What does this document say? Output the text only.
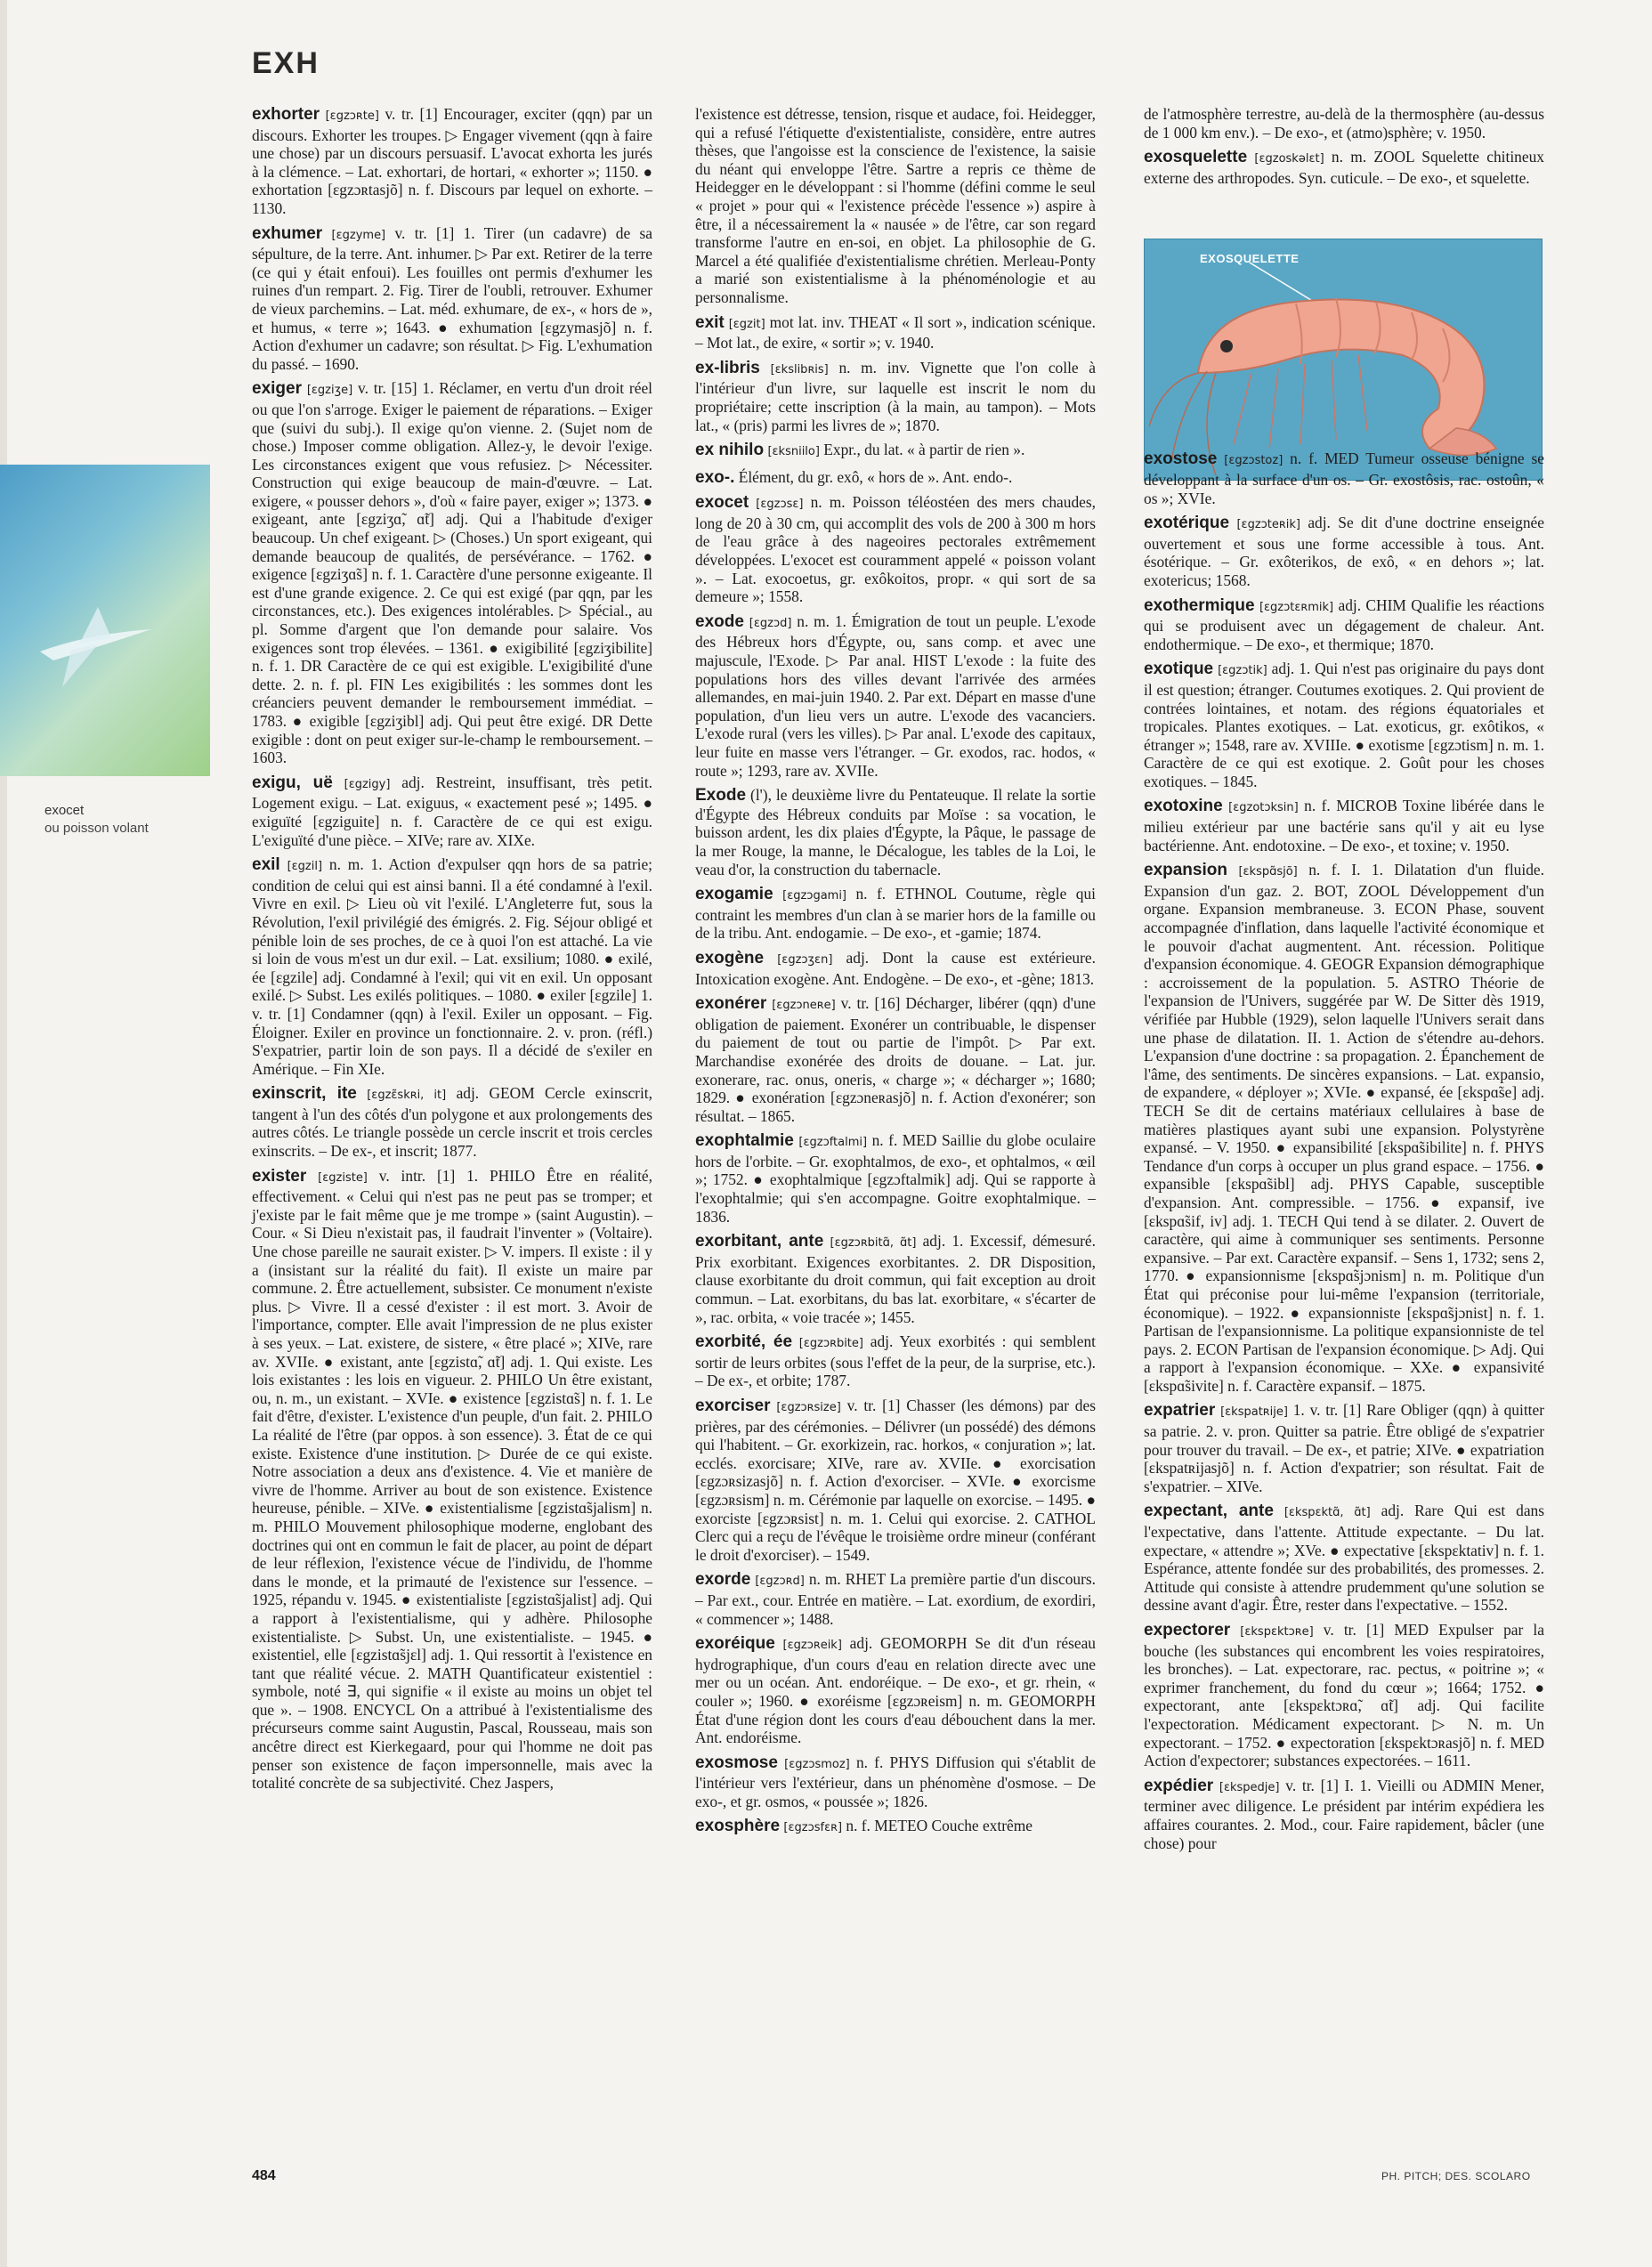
EXH
exocet
ou poisson volant
exhorter [ɛgzɔʀte] v. tr. [1] Encourager, exciter (qqn) par un discours. Exhorter les troupes. ▷ Engager vivement (qqn à faire une chose) par un discours persuasif. L'avocat exhorta les jurés à la clémence. – Lat. exhortari, de hortari, « exhorter »; 1150. ● exhortation [ɛgzɔʀtasjõ] n. f. Discours par lequel on exhorte. – 1130.
exhumer [ɛgzyme] v. tr. [1] 1. Tirer (un cadavre) de sa sépulture, de la terre. Ant. inhumer. ▷ Par ext. Retirer de la terre (ce qui y était enfoui). Les fouilles ont permis d'exhumer les ruines d'un rempart. 2. Fig. Tirer de l'oubli, retrouver. Exhumer de vieux parchemins. – Lat. méd. exhumare, de ex-, « hors de », et humus, « terre »; 1643. ● exhumation [ɛgzymasjõ] n. f. Action d'exhumer un cadavre; son résultat. ▷ Fig. L'exhumation du passé. – 1690.
exiger [ɛgziʒe] v. tr. [15] 1. Réclamer, en vertu d'un droit réel ou que l'on s'arroge. Exiger le paiement de réparations. – Exiger que (suivi du subj.). Il exige qu'on vienne. 2. (Sujet nom de chose.) Imposer comme obligation. Allez-y, le devoir l'exige. Les circonstances exigent que vous refusiez. ▷ Nécessiter. Construction qui exige beaucoup de main-d'œuvre. – Lat. exigere, « pousser dehors », d'où « faire payer, exiger »; 1373. ● exigeant, ante [ɛgziʒɑ̃, ɑ̃t] adj. Qui a l'habitude d'exiger beaucoup. Un chef exigeant. ▷ (Choses.) Un sport exigeant, qui demande beaucoup de qualités, de persévérance. – 1762. ● exigence [ɛgziʒɑ̃s] n. f. 1. Caractère d'une personne exigeante. Il est d'une grande exigence. 2. Ce qui est exigé (par qqn, par les circonstances, etc.). Des exigences intolérables. ▷ Spécial., au pl. Somme d'argent que l'on demande pour salaire. Vos exigences sont trop élevées. – 1361. ● exigibilité [ɛgziʒibilite] n. f. 1. DR Caractère de ce qui est exigible. L'exigibilité d'une dette. 2. n. f. pl. FIN Les exigibilités : les sommes dont les créanciers peuvent demander le remboursement immédiat. – 1783. ● exigible [ɛgziʒibl] adj. Qui peut être exigé. DR Dette exigible : dont on peut exiger sur-le-champ le remboursement. – 1603.
exigu, uë [ɛgzigy] adj. Restreint, insuffisant, très petit. Logement exigu. – Lat. exiguus, « exactement pesé »; 1495. ● exiguïté [ɛgziguite] n. f. Caractère de ce qui est exigu. L'exiguïté d'une pièce. – XIVe; rare av. XIXe.
exil [ɛgzil] n. m. 1. Action d'expulser qqn hors de sa patrie; condition de celui qui est ainsi banni. Il a été condamné à l'exil. Vivre en exil. ▷ Lieu où vit l'exilé. L'Angleterre fut, sous la Révolution, l'exil privilégié des émigrés. 2. Fig. Séjour obligé et pénible loin de ses proches, de ce à quoi l'on est attaché. La vie si loin de vous m'est un dur exil. – Lat. exsilium; 1080. ● exilé, ée [ɛgzile] adj. Condamné à l'exil; qui vit en exil. Un opposant exilé. ▷ Subst. Les exilés politiques. – 1080. ● exiler [ɛgzile] 1. v. tr. [1] Condamner (qqn) à l'exil. Exiler un opposant. – Fig. Éloigner. Exiler en province un fonctionnaire. 2. v. pron. (réfl.) S'expatrier, partir loin de son pays. Il a décidé de s'exiler en Amérique. – Fin XIe.
exinscrit, ite [ɛgzɛ̃skʀi, it] adj. GEOM Cercle exinscrit, tangent à l'un des côtés d'un polygone et aux prolongements des autres côtés. Le triangle possède un cercle inscrit et trois cercles exinscrits. – De ex-, et inscrit; 1877.
exister [ɛgziste] v. intr. [1] 1. PHILO Être en réalité, effectivement. « Celui qui n'est pas ne peut pas se tromper; et j'existe par le fait même que je me trompe » (saint Augustin). – Cour. « Si Dieu n'existait pas, il faudrait l'inventer » (Voltaire). Une chose pareille ne saurait exister. ▷ V. impers. Il existe : il y a (insistant sur la réalité du fait). Il existe un maire par commune. 2. Être actuellement, subsister. Ce monument n'existe plus. ▷ Vivre. Il a cessé d'exister : il est mort. 3. Avoir de l'importance, compter. Elle avait l'impression de ne plus exister à ses yeux. – Lat. existere, de sistere, « être placé »; XIVe, rare av. XVIIe. ● existant, ante [ɛgzistɑ̃, ɑ̃t] adj. 1. Qui existe. Les lois existantes : les lois en vigueur. 2. PHILO Un être existant, ou, n. m., un existant. – XVIe. ● existence [ɛgzistɑ̃s] n. f. 1. Le fait d'être, d'exister. L'existence d'un peuple, d'un fait. 2. PHILO La réalité de l'être (par oppos. à son essence). 3. État de ce qui existe. Existence d'une institution. ▷ Durée de ce qui existe. Notre association a deux ans d'existence. 4. Vie et manière de vivre de l'homme. Arriver au bout de son existence. Existence heureuse, pénible. – XIVe. ● existentialisme [ɛgzistɑ̃sjalism] n. m. PHILO Mouvement philosophique moderne, englobant des doctrines qui ont en commun le fait de placer, au point de départ de leur réflexion, l'existence vécue de l'individu, de l'homme dans le monde, et la primauté de l'existence sur l'essence. – 1925, répandu v. 1945. ● existentialiste [ɛgzistɑ̃sjalist] adj. Qui a rapport à l'existentialisme, qui y adhère. Philosophe existentialiste. ▷ Subst. Un, une existentialiste. – 1945. ● existentiel, elle [ɛgzistɑ̃sjɛl] adj. 1. Qui ressortit à l'existence en tant que réalité vécue. 2. MATH Quantificateur existentiel : symbole, noté ∃, qui signifie « il existe au moins un objet tel que ». – 1908. ENCYCL On a attribué à l'existentialisme des précurseurs comme saint Augustin, Pascal, Rousseau, mais son ancêtre direct est Kierkegaard, pour qui l'homme ne doit pas penser son existence de façon impersonnelle, mais avec la totalité concrète de sa subjectivité. Chez Jaspers,
l'existence est détresse, tension, risque et audace, foi. Heidegger, qui a refusé l'étiquette d'existentialiste, considère, entre autres thèses, que l'angoisse est la conscience de l'existence, la saisie du néant qui enveloppe l'être. Sartre a repris ce thème de Heidegger en le développant : si l'homme (défini comme le seul « projet » pour qui « l'existence précède l'essence ») aspire à être, il a nécessairement la « nausée » de l'être, car son regard transforme l'autre en en-soi, en objet. La philosophie de G. Marcel a été qualifiée d'existentialisme chrétien. Merleau-Ponty a marié son existentialisme à la phénoménologie et au personnalisme.
exit [ɛgzit] mot lat. inv. THEAT « Il sort », indication scénique. – Mot lat., de exire, « sortir »; v. 1940.
ex-libris [ɛkslibʀis] n. m. inv. Vignette que l'on colle à l'intérieur d'un livre, sur laquelle est inscrit le nom du propriétaire; cette inscription (à la main, au tampon). – Mots lat., « (pris) parmi les livres de »; 1870.
ex nihilo [ɛksniilo] Expr., du lat. « à partir de rien ».
exo-. Élément, du gr. exô, « hors de ». Ant. endo-.
exocet [ɛgzɔsɛ] n. m. Poisson téléostéen des mers chaudes, long de 20 à 30 cm, qui accomplit des vols de 200 à 300 m hors de l'eau grâce à des nageoires pectorales extrêmement développées. L'exocet est couramment appelé « poisson volant ». – Lat. exocoetus, gr. exôkoitos, propr. « qui sort de sa demeure »; 1558.
exode [ɛgzɔd] n. m. 1. Émigration de tout un peuple. L'exode des Hébreux hors d'Égypte, ou, sans comp. et avec une majuscule, l'Exode. ▷ Par anal. HIST L'exode : la fuite des populations hors des villes devant l'arrivée des armées allemandes, en mai-juin 1940. 2. Par ext. Départ en masse d'une population, d'un lieu vers un autre. L'exode des vacanciers. L'exode rural (vers les villes). ▷ Par anal. L'exode des capitaux, leur fuite en masse vers l'étranger. – Gr. exodos, rac. hodos, « route »; 1293, rare av. XVIIe.
Exode (l'), le deuxième livre du Pentateuque. Il relate la sortie d'Égypte des Hébreux conduits par Moïse : sa vocation, le buisson ardent, les dix plaies d'Égypte, la Pâque, le passage de la mer Rouge, la manne, le Décalogue, les tables de la Loi, le veau d'or, la construction du tabernacle.
exogamie [ɛgzɔgami] n. f. ETHNOL Coutume, règle qui contraint les membres d'un clan à se marier hors de la famille ou de la tribu. Ant. endogamie. – De exo-, et -gamie; 1874.
exogène [ɛgzɔʒɛn] adj. Dont la cause est extérieure. Intoxication exogène. Ant. Endogène. – De exo-, et -gène; 1813.
exonérer [ɛgzɔneʀe] v. tr. [16] Décharger, libérer (qqn) d'une obligation de paiement. Exonérer un contribuable, le dispenser du paiement de tout ou partie de l'impôt. ▷ Par ext. Marchandise exonérée des droits de douane. – Lat. jur. exonerare, rac. onus, oneris, « charge »; « décharger »; 1680; 1829. ● exonération [ɛgzɔneʀasjõ] n. f. Action d'exonérer; son résultat. – 1865.
exophtalmie [ɛgzɔftalmi] n. f. MED Saillie du globe oculaire hors de l'orbite. – Gr. exophtalmos, de exo-, et ophtalmos, « œil »; 1752. ● exophtalmique [ɛgzɔftalmik] adj. Qui se rapporte à l'exophtalmie; qui s'en accompagne. Goitre exophtalmique. – 1836.
exorbitant, ante [ɛgzɔʀbitɑ̃, ɑ̃t] adj. 1. Excessif, démesuré. Prix exorbitant. Exigences exorbitantes. 2. DR Disposition, clause exorbitante du droit commun, qui fait exception au droit commun. – Lat. exorbitans, du bas lat. exorbitare, « s'écarter de », rac. orbita, « voie tracée »; 1455.
exorbité, ée [ɛgzɔʀbite] adj. Yeux exorbités : qui semblent sortir de leurs orbites (sous l'effet de la peur, de la surprise, etc.). – De ex-, et orbite; 1787.
exorciser [ɛgzɔʀsize] v. tr. [1] Chasser (les démons) par des prières, par des cérémonies. – Délivrer (un possédé) des démons qui l'habitent. – Gr. exorkizein, rac. horkos, « conjuration »; lat. ecclés. exorcisare; XIVe, rare av. XVIIe. ● exorcisation [ɛgzɔʀsizasjõ] n. f. Action d'exorciser. – XVIe. ● exorcisme [ɛgzɔʀsism] n. m. Cérémonie par laquelle on exorcise. – 1495. ● exorciste [ɛgzɔʀsist] n. m. 1. Celui qui exorcise. 2. CATHOL Clerc qui a reçu de l'évêque le troisième ordre mineur (conférant le droit d'exorciser). – 1549.
exorde [ɛgzɔʀd] n. m. RHET La première partie d'un discours. – Par ext., cour. Entrée en matière. – Lat. exordium, de exordiri, « commencer »; 1488.
exoréique [ɛgzɔʀeik] adj. GEOMORPH Se dit d'un réseau hydrographique, d'un cours d'eau en relation directe avec une mer ou un océan. Ant. endoréique. – De exo-, et gr. rhein, « couler »; 1960. ● exoréisme [ɛgzɔʀeism] n. m. GEOMORPH État d'une région dont les cours d'eau débouchent dans la mer. Ant. endoréisme.
exosmose [ɛgzɔsmoz] n. f. PHYS Diffusion qui s'établit de l'intérieur vers l'extérieur, dans un phénomène d'osmose. – De exo-, et gr. osmos, « poussée »; 1826.
exosphère [ɛgzɔsfɛʀ] n. f. METEO Couche extrême
EXOSQUELETTE
de l'atmosphère terrestre, au-delà de la thermosphère (au-dessus de 1 000 km env.). – De exo-, et (atmo)sphère; v. 1950.
exosquelette [ɛgzoskəlɛt] n. m. ZOOL Squelette chitineux externe des arthropodes. Syn. cuticule. – De exo-, et squelette.
exostose [ɛgzɔstoz] n. f. MED Tumeur osseuse bénigne se développant à la surface d'un os. – Gr. exostôsis, rac. ostoûn, « os »; XVIe.
exotérique [ɛgzɔteʀik] adj. Se dit d'une doctrine enseignée ouvertement et sous une forme accessible à tous. Ant. ésotérique. – Gr. exôterikos, de exô, « en dehors »; lat. exotericus; 1568.
exothermique [ɛgzɔtɛʀmik] adj. CHIM Qualifie les réactions qui se produisent avec un dégagement de chaleur. Ant. endothermique. – De exo-, et thermique; 1870.
exotique [ɛgzɔtik] adj. 1. Qui n'est pas originaire du pays dont il est question; étranger. Coutumes exotiques. 2. Qui provient de contrées lointaines, et notam. des régions équatoriales et tropicales. Plantes exotiques. – Lat. exoticus, gr. exôtikos, « étranger »; 1548, rare av. XVIIIe. ● exotisme [ɛgzɔtism] n. m. 1. Caractère de ce qui est exotique. 2. Goût pour les choses exotiques. – 1845.
exotoxine [ɛgzotɔksin] n. f. MICROB Toxine libérée dans le milieu extérieur par une bactérie sans qu'il y ait eu lyse bactérienne. Ant. endotoxine. – De exo-, et toxine; v. 1950.
expansion [ɛkspɑ̃sjõ] n. f. I. 1. Dilatation d'un fluide. Expansion d'un gaz. 2. BOT, ZOOL Développement d'un organe. Expansion membraneuse. 3. ECON Phase, souvent accompagnée d'inflation, dans laquelle l'activité économique et le pouvoir d'achat augmentent. Ant. récession. Politique d'expansion économique. 4. GEOGR Expansion démographique : accroissement de la population. 5. ASTRO Théorie de l'expansion de l'Univers, suggérée par W. De Sitter dès 1919, vérifiée par Hubble (1929), selon laquelle l'Univers serait dans une phase de dilatation. II. 1. Action de s'étendre au-dehors. L'expansion d'une doctrine : sa propagation. 2. Épanchement de l'âme, des sentiments. De sincères expansions. – Lat. expansio, de expandere, « déployer »; XVIe. ● expansé, ée [ɛkspɑ̃se] adj. TECH Se dit de certains matériaux cellulaires à base de matières plastiques ayant subi une expansion. Polystyrène expansé. – V. 1950. ● expansibilité [ɛkspɑ̃sibilite] n. f. PHYS Tendance d'un corps à occuper un plus grand espace. – 1756. ● expansible [ɛkspɑ̃sibl] adj. PHYS Capable, susceptible d'expansion. Ant. compressible. – 1756. ● expansif, ive [ɛkspɑ̃sif, iv] adj. 1. TECH Qui tend à se dilater. 2. Ouvert de caractère, qui aime à communiquer ses sentiments. Personne expansive. – Par ext. Caractère expansif. – Sens 1, 1732; sens 2, 1770. ● expansionnisme [ɛkspɑ̃sjɔnism] n. m. Politique d'un État qui préconise pour lui-même l'expansion (territoriale, économique). – 1922. ● expansionniste [ɛkspɑ̃sjɔnist] n. f. 1. Partisan de l'expansionnisme. La politique expansionniste de tel pays. 2. ECON Partisan de l'expansion économique. ▷ Adj. Qui a rapport à l'expansion économique. – XXe. ● expansivité [ɛkspɑ̃sivite] n. f. Caractère expansif. – 1875.
expatrier [ɛkspatʀije] 1. v. tr. [1] Rare Obliger (qqn) à quitter sa patrie. 2. v. pron. Quitter sa patrie. Être obligé de s'expatrier pour trouver du travail. – De ex-, et patrie; XIVe. ● expatriation [ɛkspatʀijasjõ] n. f. Action d'expatrier; son résultat. Fait de s'expatrier. – XIVe.
expectant, ante [ɛkspɛktɑ̃, ɑ̃t] adj. Rare Qui est dans l'expectative, dans l'attente. Attitude expectante. – Du lat. expectare, « attendre »; XVe. ● expectative [ɛkspɛktativ] n. f. 1. Espérance, attente fondée sur des probabilités, des promesses. 2. Attitude qui consiste à attendre prudemment qu'une solution se dessine avant d'agir. Être, rester dans l'expectative. – 1552.
expectorer [ɛkspɛktɔʀe] v. tr. [1] MED Expulser par la bouche (les substances qui encombrent les voies respiratoires, les bronches). – Lat. expectorare, rac. pectus, « poitrine »; « exprimer franchement, du fond du cœur »; 1664; 1752. ● expectorant, ante [ɛkspɛktɔʀɑ̃, ɑ̃t] adj. Qui facilite l'expectoration. Médicament expectorant. ▷ N. m. Un expectorant. – 1752. ● expectoration [ɛkspɛktɔʀasjõ] n. f. MED Action d'expectorer; substances expectorées. – 1611.
expédier [ɛkspedje] v. tr. [1] I. 1. Vieilli ou ADMIN Mener, terminer avec diligence. Le président par intérim expédiera les affaires courantes. 2. Mod., cour. Faire rapidement, bâcler (une chose) pour
484	PH. PITCH; DES. SCOLARO
